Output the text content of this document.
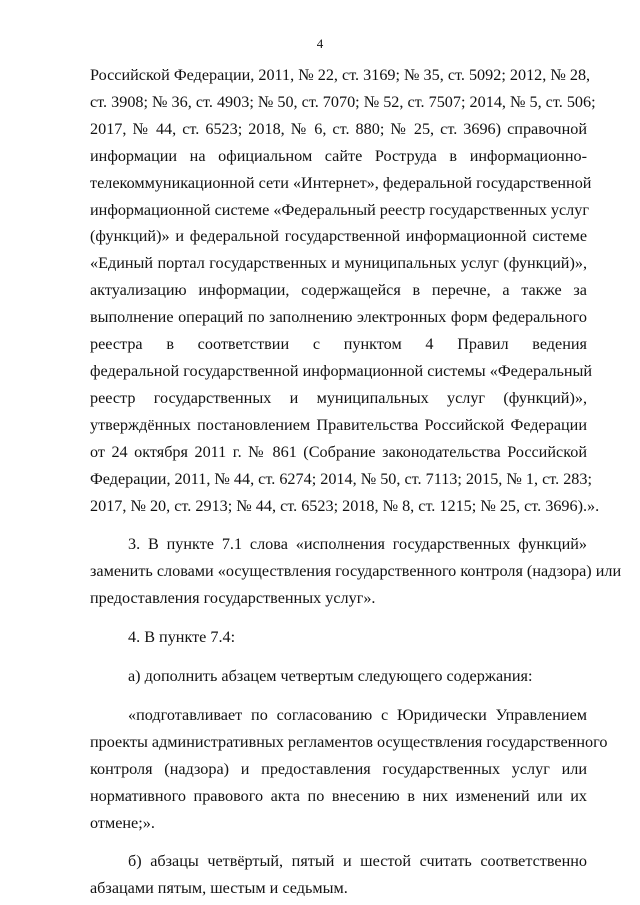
4
Российской Федерации, 2011, № 22, ст. 3169; № 35, ст. 5092; 2012, № 28,
ст. 3908; № 36, ст. 4903; № 50, ст. 7070; № 52, ст. 7507; 2014, № 5, ст. 506;
2017, № 44, ст. 6523; 2018, № 6, ст. 880; № 25, ст. 3696) справочной
информации на официальном сайте Роструда в информационно-
телекоммуникационной сети «Интернет», федеральной государственной
информационной системе «Федеральный реестр государственных услуг
(функций)» и федеральной государственной информационной системе
«Единый портал государственных и муниципальных услуг (функций)»,
актуализацию информации, содержащейся в перечне, а также за
выполнение операций по заполнению электронных форм федерального
реестра в соответствии с пунктом 4 Правил ведения
федеральной государственной информационной системы «Федеральный
реестр государственных и муниципальных услуг (функций)»,
утверждённых постановлением Правительства Российской Федерации
от 24 октября 2011 г. № 861 (Собрание законодательства Российской
Федерации, 2011, № 44, ст. 6274; 2014, № 50, ст. 7113; 2015, № 1, ст. 283;
2017, № 20, ст. 2913; № 44, ст. 6523; 2018, № 8, ст. 1215; № 25, ст. 3696).».
3. В пункте 7.1 слова «исполнения государственных функций»
заменить словами «осуществления государственного контроля (надзора) или
предоставления государственных услуг».
4. В пункте 7.4:
а) дополнить абзацем четвертым следующего содержания:
«подготавливает по согласованию с Юридически Управлением
проекты административных регламентов осуществления государственного
контроля (надзора) и предоставления государственных услуг или
нормативного правового акта по внесению в них изменений или их
отмене;».
б) абзацы четвёртый, пятый и шестой считать соответственно
абзацами пятым, шестым и седьмым.
